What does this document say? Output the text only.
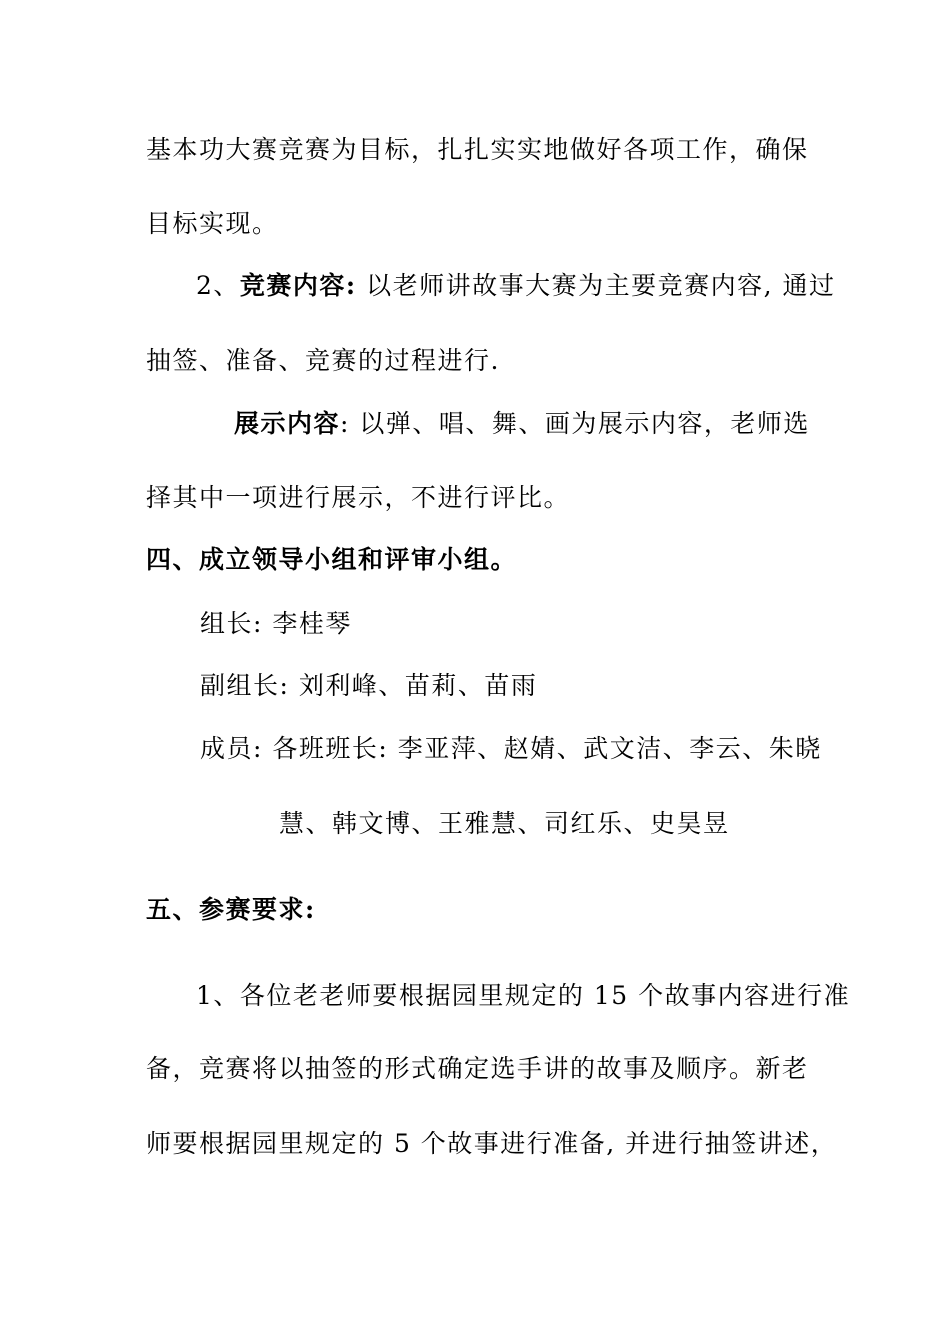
基本功大赛竞赛为目标，扎扎实实地做好各项工作，确保
目标实现。
2、竞赛内容: 以老师讲故事大赛为主要竞赛内容, 通过
抽签、准备、竞赛的过程进行.
展示内容: 以弹、唱、舞、画为展示内容，老师选
择其中一项进行展示，不进行评比。
四、成立领导小组和评审小组。
组长: 李桂琴
副组长: 刘利峰、苗莉、苗雨
成员: 各班班长: 李亚萍、赵婧、武文洁、李云、朱晓
慧、韩文博、王雅慧、司红乐、史昊昱
五、参赛要求:
1、各位老老师要根据园里规定的 15 个故事内容进行准
备，竞赛将以抽签的形式确定选手讲的故事及顺序。新老
师要根据园里规定的 5 个故事进行准备, 并进行抽签讲述，
